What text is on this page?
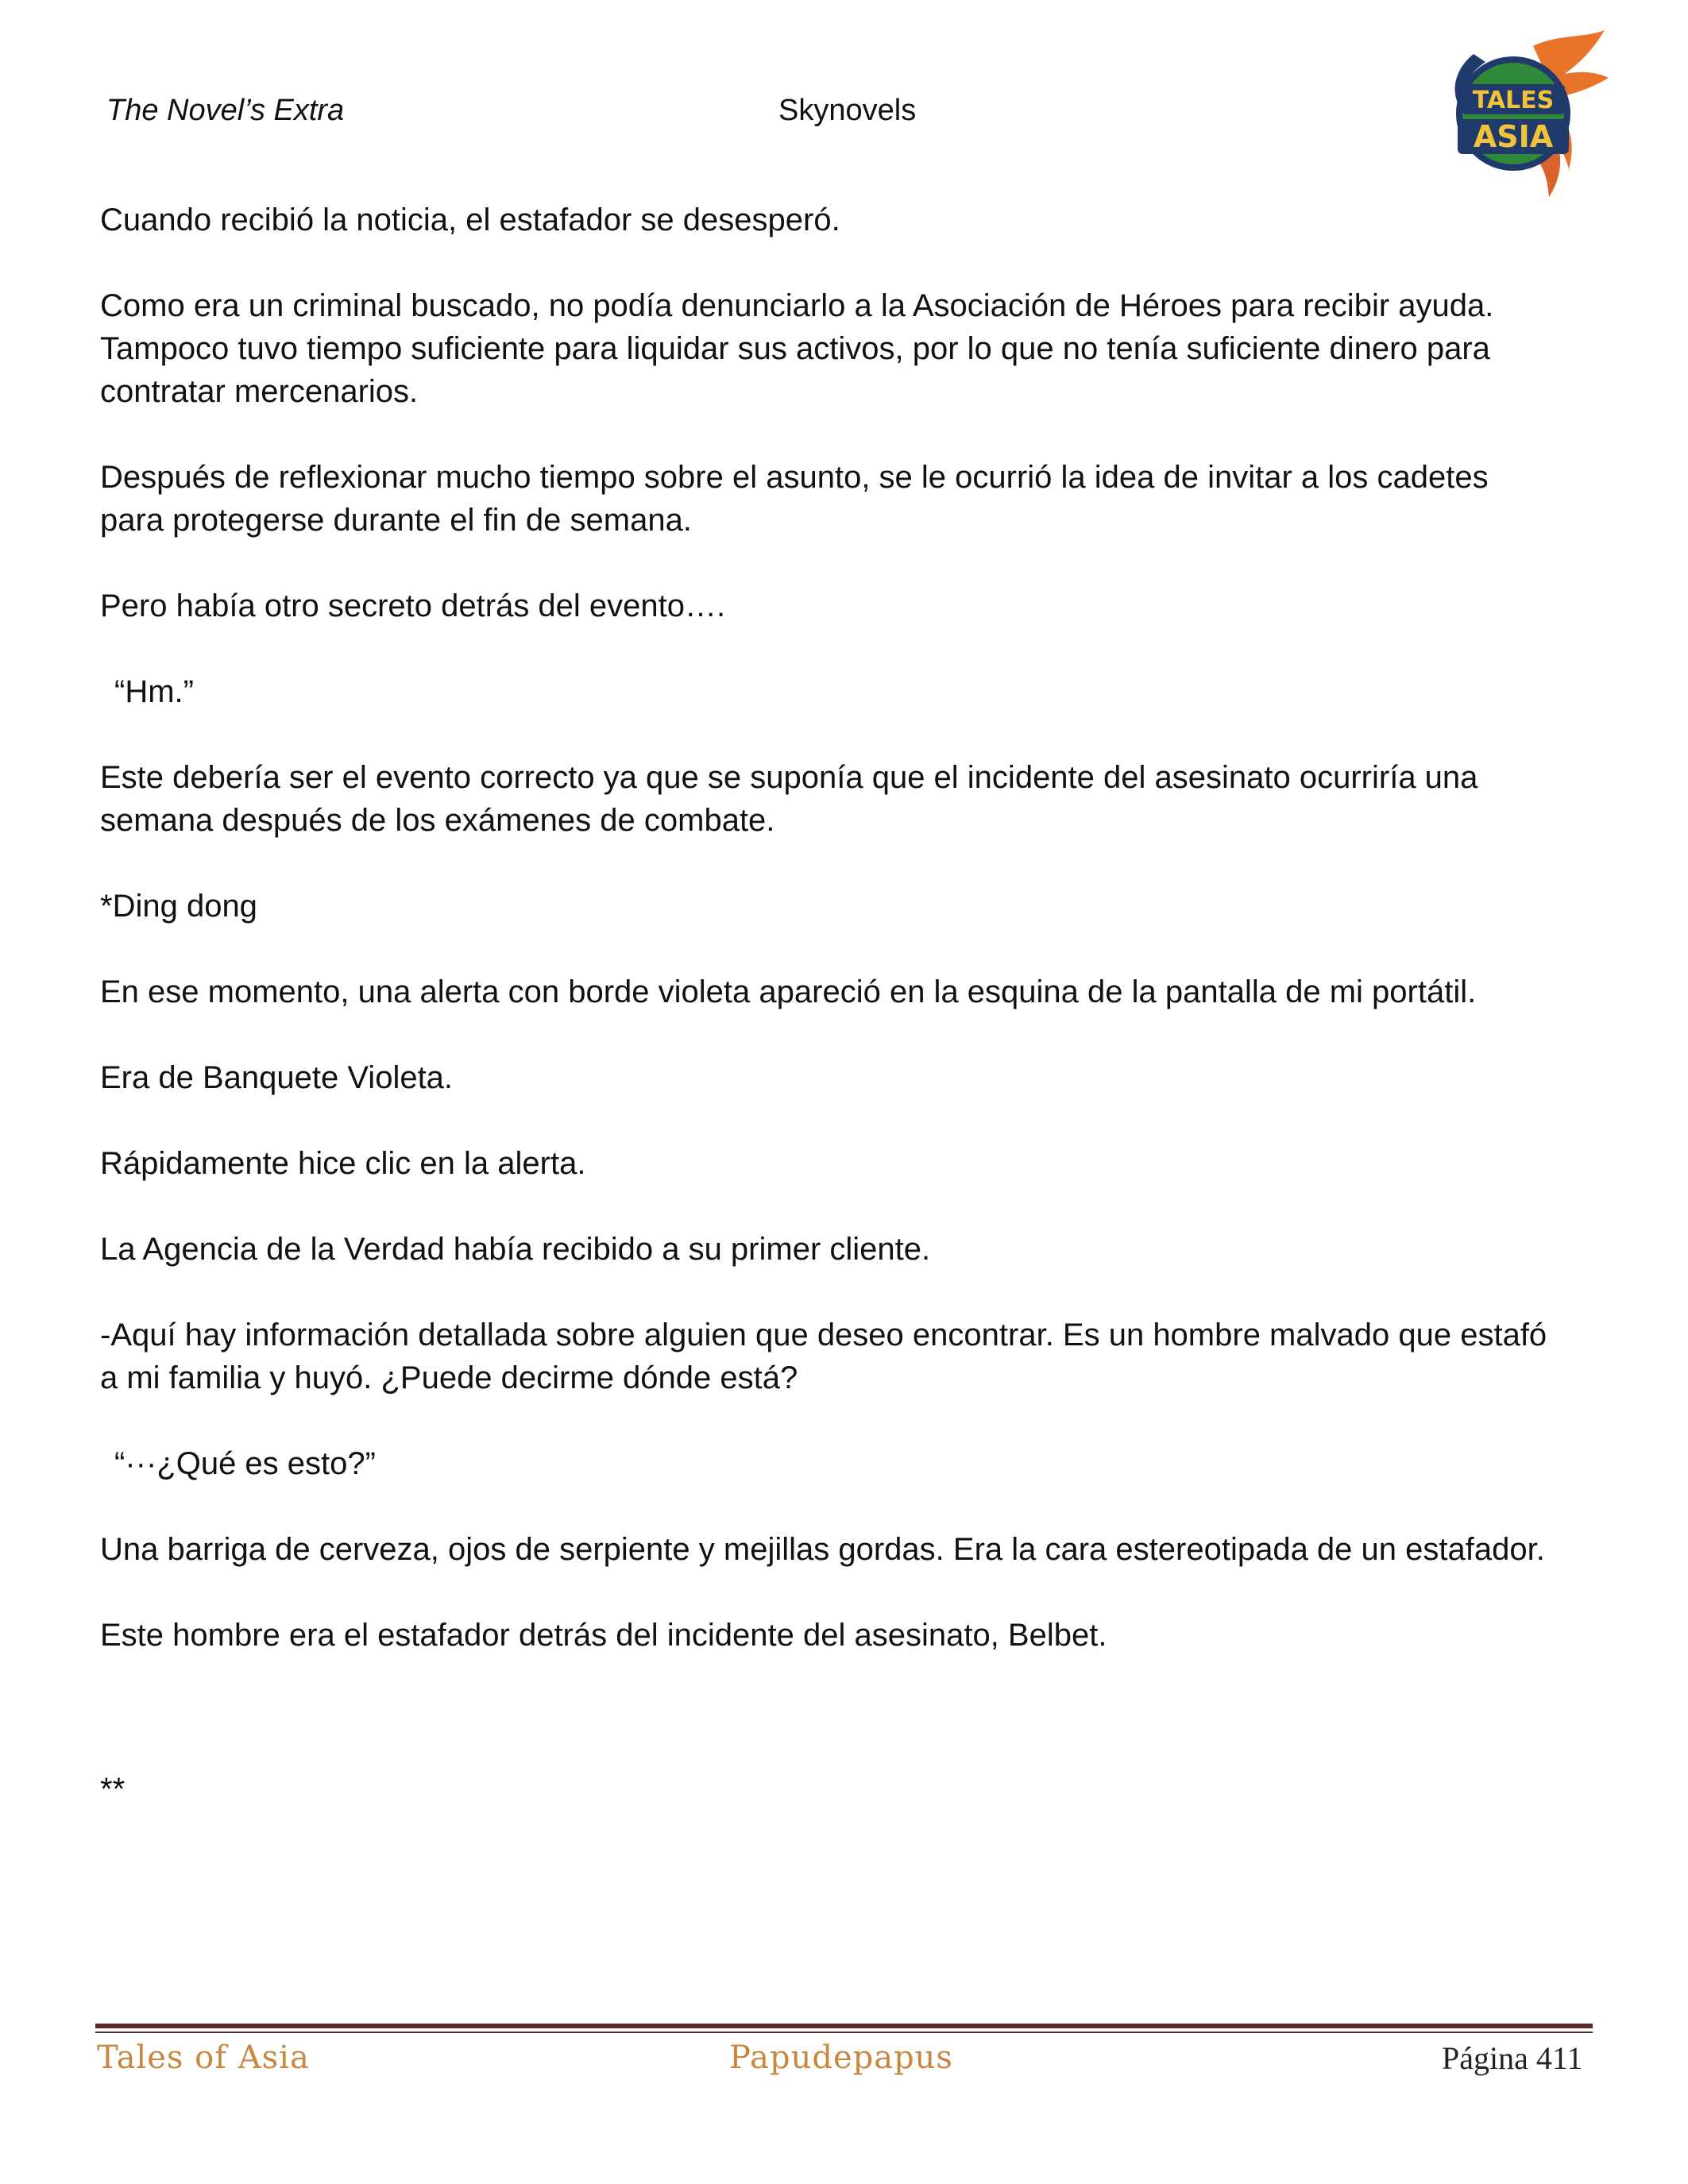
The Novel’s Extra	Skynovels	TALES
ASIA

Cuando recibió la noticia, el estafador se desesperó.

Como era un criminal buscado, no podía denunciarlo a la Asociación de Héroes para recibir ayuda. Tampoco tuvo tiempo suficiente para liquidar sus activos, por lo que no tenía suficiente dinero para contratar mercenarios.

Después de reflexionar mucho tiempo sobre el asunto, se le ocurrió la idea de invitar a los cadetes para protegerse durante el fin de semana.

Pero había otro secreto detrás del evento….

“Hm.”

Este debería ser el evento correcto ya que se suponía que el incidente del asesinato ocurriría una semana después de los exámenes de combate.

*Ding dong

En ese momento, una alerta con borde violeta apareció en la esquina de la pantalla de mi portátil.

Era de Banquete Violeta.

Rápidamente hice clic en la alerta.

La Agencia de la Verdad había recibido a su primer cliente.

-Aquí hay información detallada sobre alguien que deseo encontrar. Es un hombre malvado que estafó a mi familia y huyó. ¿Puede decirme dónde está?

“···¿Qué es esto?”

Una barriga de cerveza, ojos de serpiente y mejillas gordas. Era la cara estereotipada de un estafador.

Este hombre era el estafador detrás del incidente del asesinato, Belbet.

**

Tales of Asia	Papudepapus	Página 411
